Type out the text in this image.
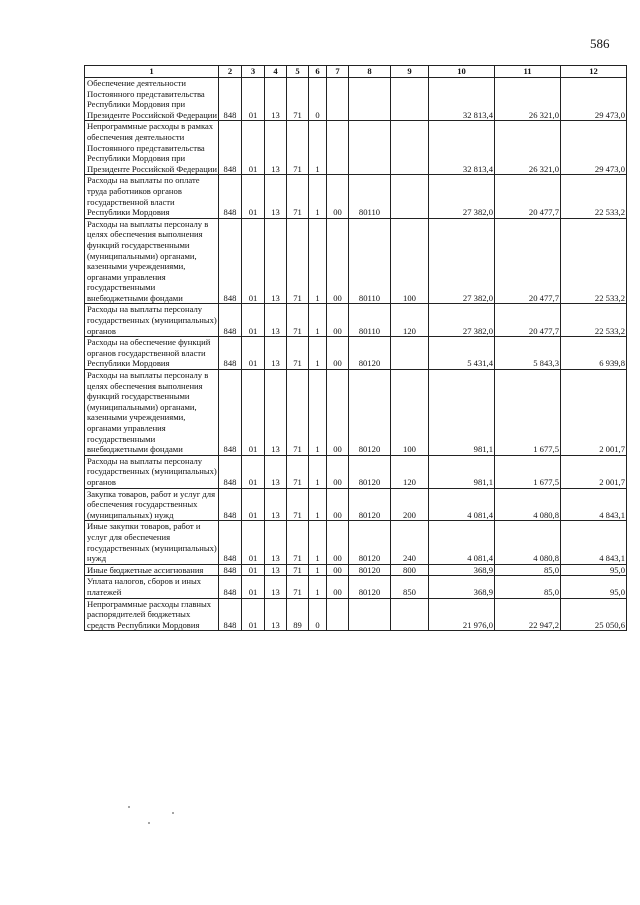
586
1	2	3	4	5	6	7	8	9	10	11	12
Обеспечение деятельности Постоянного представительства Республики Мордовия при Президенте Российской Федерации	848	01	13	71	0				32 813,4	26 321,0	29 473,0
Непрограммные расходы в рамках обеспечения деятельности Постоянного представительства Республики Мордовия при Президенте Российской Федерации	848	01	13	71	1				32 813,4	26 321,0	29 473,0
Расходы на выплаты по оплате труда работников органов государственной власти Республики Мордовия	848	01	13	71	1	00	80110		27 382,0	20 477,7	22 533,2
Расходы на выплаты персоналу в целях обеспечения выполнения функций государственными (муниципальными) органами, казенными учреждениями, органами управления государственными внебюджетными фондами	848	01	13	71	1	00	80110	100	27 382,0	20 477,7	22 533,2
Расходы на выплаты персоналу государственных (муниципальных) органов	848	01	13	71	1	00	80110	120	27 382,0	20 477,7	22 533,2
Расходы на обеспечение функций органов государственной власти Республики Мордовия	848	01	13	71	1	00	80120		5 431,4	5 843,3	6 939,8
Расходы на выплаты персоналу в целях обеспечения выполнения функций государственными (муниципальными) органами, казенными учреждениями, органами управления государственными внебюджетными фондами	848	01	13	71	1	00	80120	100	981,1	1 677,5	2 001,7
Расходы на выплаты персоналу государственных (муниципальных) органов	848	01	13	71	1	00	80120	120	981,1	1 677,5	2 001,7
Закупка товаров, работ и услуг для обеспечения государственных (муниципальных) нужд	848	01	13	71	1	00	80120	200	4 081,4	4 080,8	4 843,1
Иные закупки товаров, работ и услуг для обеспечения государственных (муниципальных) нужд	848	01	13	71	1	00	80120	240	4 081,4	4 080,8	4 843,1
Иные бюджетные ассигнования	848	01	13	71	1	00	80120	800	368,9	85,0	95,0
Уплата налогов, сборов и иных платежей	848	01	13	71	1	00	80120	850	368,9	85,0	95,0
Непрограммные расходы главных распорядителей бюджетных средств Республики Мордовия	848	01	13	89	0				21 976,0	22 947,2	25 050,6
